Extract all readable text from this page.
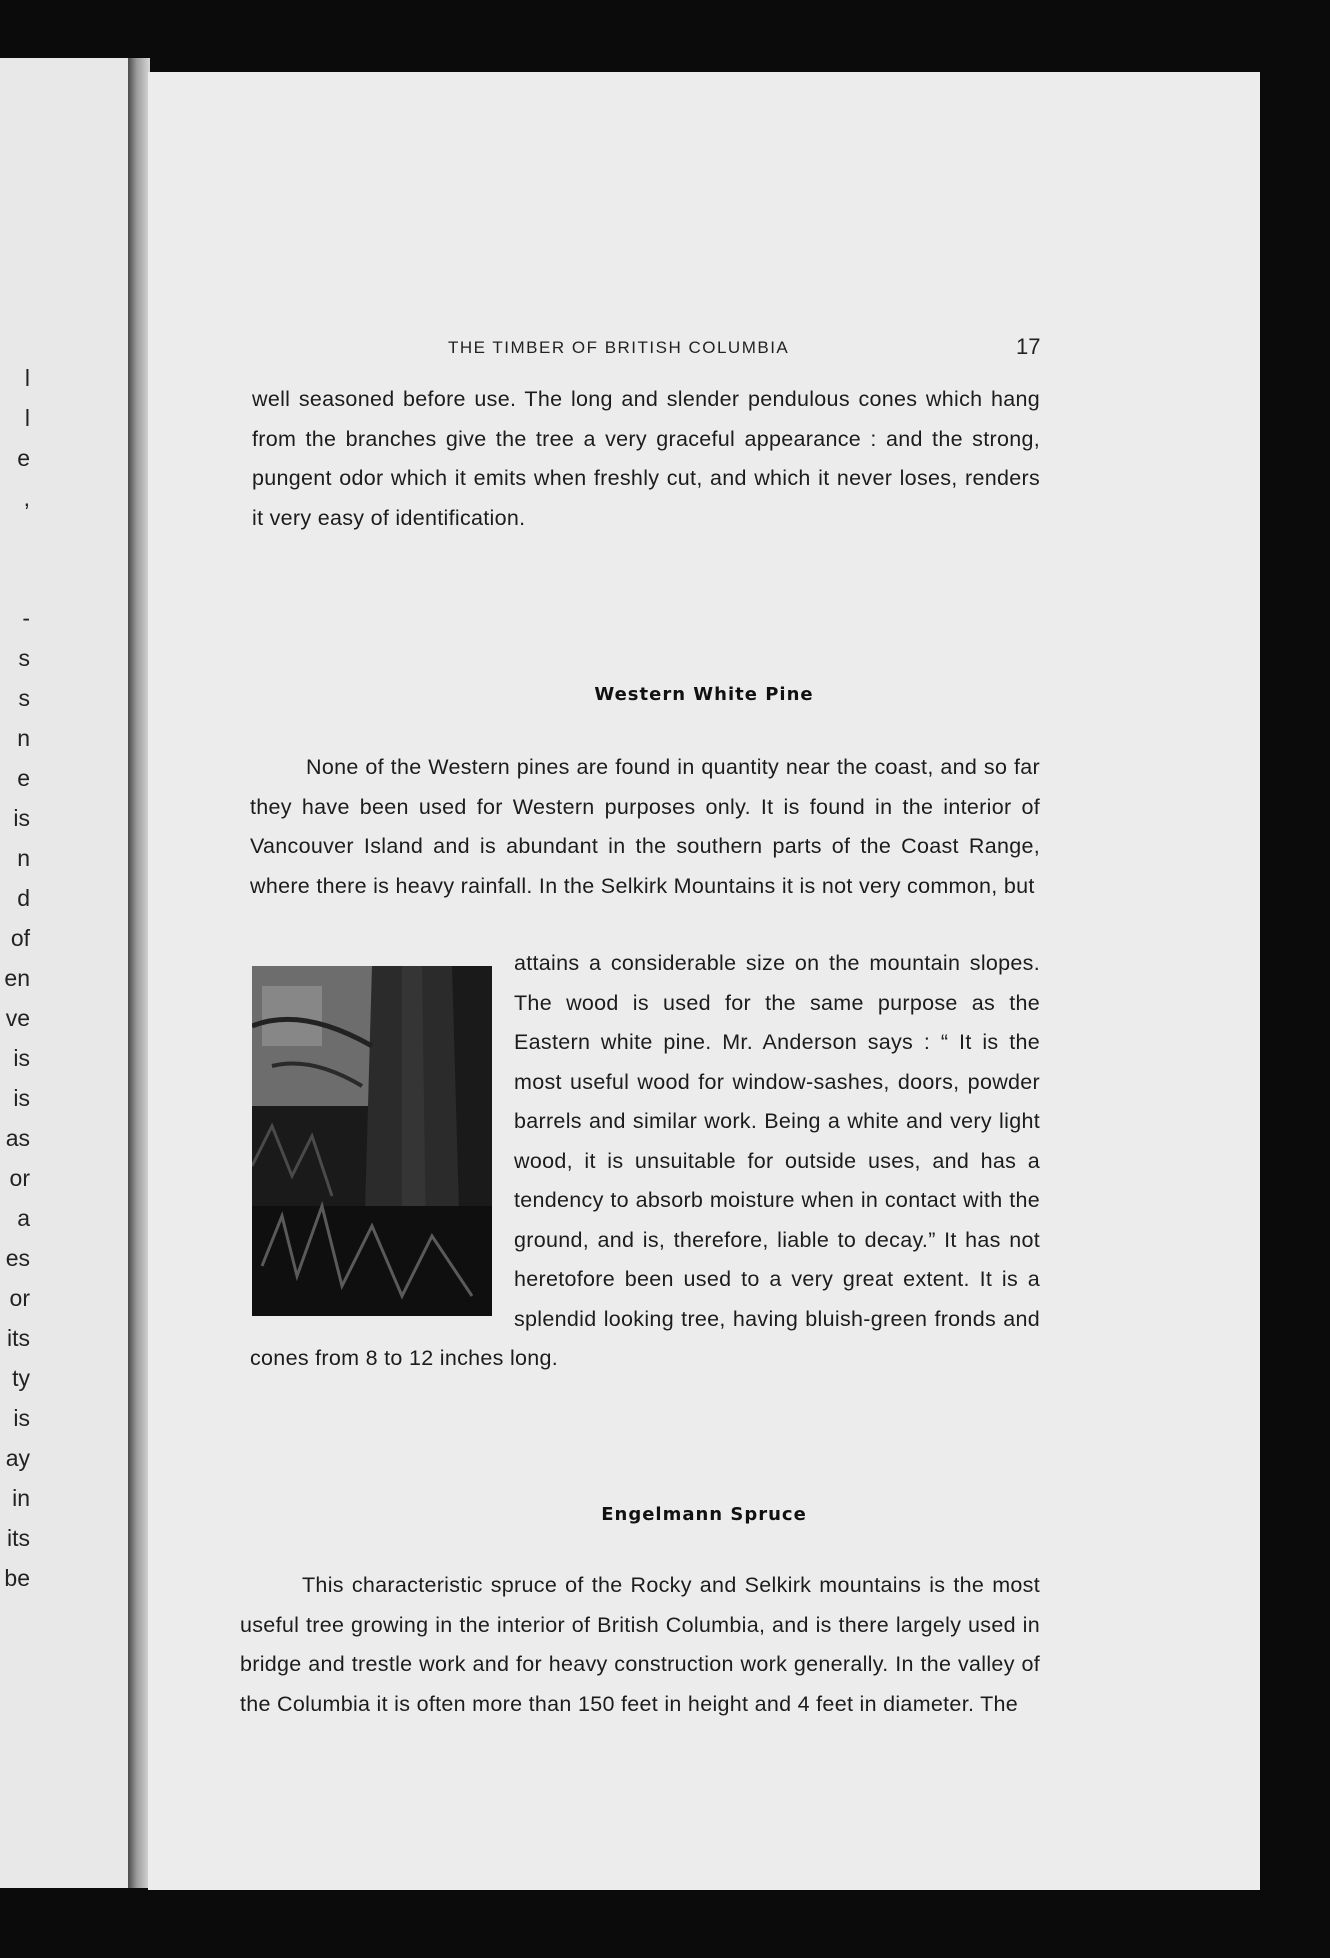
l
l
e
,
-
s
s
n
e
is
n
d
of
en
ve
is
is
as
or
a
es
or
its
ty
is
ay
in
its
be
THE TIMBER OF BRITISH COLUMBIA	17
well seasoned before use. The long and slender pendulous cones which hang from the branches give the tree a very graceful appearance : and the strong, pungent odor which it emits when freshly cut, and which it never loses, renders it very easy of identification.
Western White Pine

None of the Western pines are found in quantity near the coast, and so far they have been used for Western purposes only. It is found in the interior of Vancouver Island and is abundant in the southern parts of the Coast Range, where there is heavy rainfall. In the Selkirk Mountains it is not very common, but

attains a considerable size on the mountain slopes. The wood is used for the same purpose as the Eastern white pine. Mr. Anderson says : “ It is the most useful wood for window-sashes, doors, powder barrels and similar work. Being a white and very light wood, it is unsuitable for outside uses, and has a tendency to absorb moisture when in contact with the ground, and is, therefore, liable to decay.” It has not heretofore been used to a very great extent. It is a splendid looking tree, having bluish-green fronds and cones from 8 to 12 inches long.

Engelmann Spruce

This characteristic spruce of the Rocky and Selkirk mountains is the most useful tree growing in the interior of British Columbia, and is there largely used in bridge and trestle work and for heavy construction work generally. In the valley of the Columbia it is often more than 150 feet in height and 4 feet in diameter. The
